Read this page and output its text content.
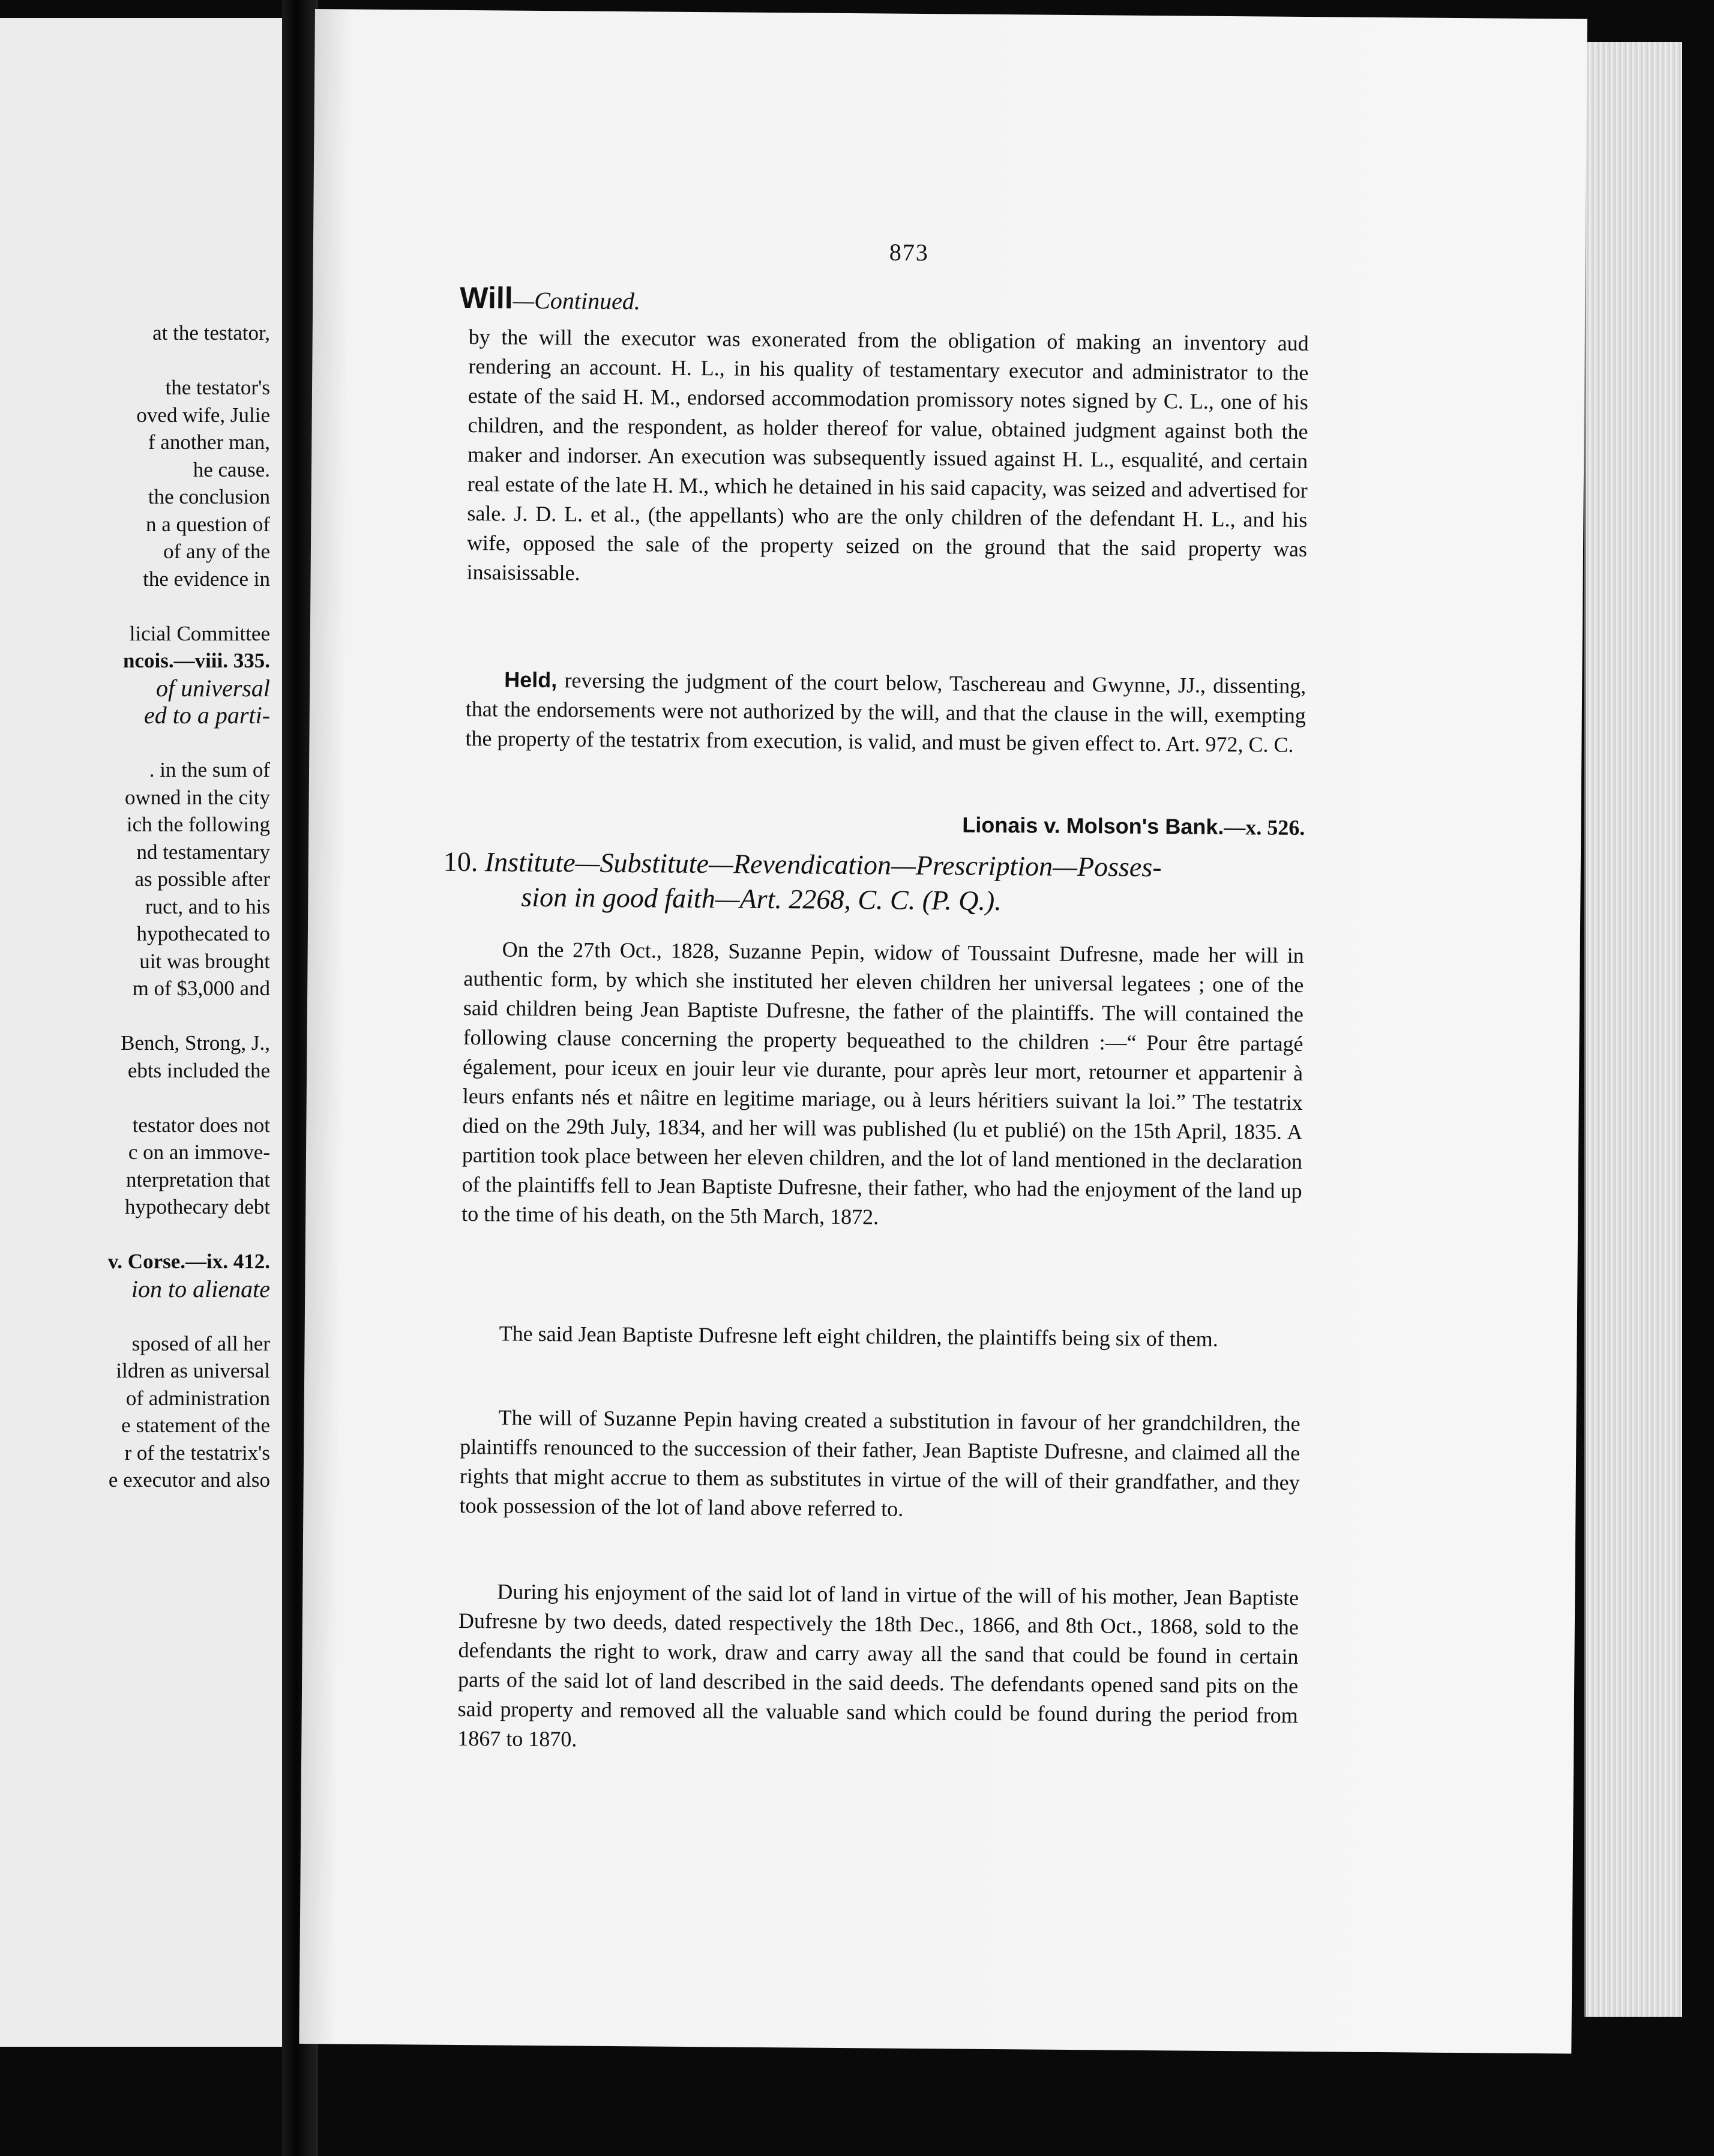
at the testator,
the testator's
oved wife, Julie
f another man,
he cause.
the conclusion
n a question of
of any of the
the evidence in
licial Committee
ncois.—viii. 335.
of universal
ed to a parti-
. in the sum of
owned in the city
ich the following
nd testamentary
as possible after
ruct, and to his
hypothecated to
uit was brought
m of $3,000 and
Bench, Strong, J.,
ebts included the
testator does not
c on an immove-
nterpretation that
hypothecary debt
v. Corse.—ix. 412.
ion to alienate
sposed of all her
ildren as universal
of administration
e statement of the
r of the testatrix's
e executor and also
873
Will—Continued.
by the will the executor was exonerated from the obligation of making an inventory aud rendering an account. H. L., in his quality of testamentary executor and administrator to the estate of the said H. M., endorsed accommodation promissory notes signed by C. L., one of his children, and the respondent, as holder thereof for value, obtained judgment against both the maker and indorser. An execution was subsequently issued against H. L., esqualité, and certain real estate of the late H. M., which he detained in his said capacity, was seized and advertised for sale. J. D. L. et al., (the appellants) who are the only children of the defendant H. L., and his wife, opposed the sale of the property seized on the ground that the said property was insaisissable.
Held, reversing the judgment of the court below, Taschereau and Gwynne, JJ., dissenting, that the endorsements were not authorized by the will, and that the clause in the will, exempting the property of the testatrix from execution, is valid, and must be given effect to. Art. 972, C. C.
Lionais v. Molson's Bank.—x. 526.
10. Institute—Substitute—Revendication—Prescription—Posses-
sion in good faith—Art. 2268, C. C. (P. Q.).
On the 27th Oct., 1828, Suzanne Pepin, widow of Toussaint Dufresne, made her will in authentic form, by which she instituted her eleven children her universal legatees ; one of the said children being Jean Baptiste Dufresne, the father of the plaintiffs. The will contained the following clause concerning the property bequeathed to the children :—“ Pour être partagé également, pour iceux en jouir leur vie durante, pour après leur mort, retourner et appartenir à leurs enfants nés et nâitre en legitime mariage, ou à leurs héritiers suivant la loi.” The testatrix died on the 29th July, 1834, and her will was published (lu et publié) on the 15th April, 1835. A partition took place between her eleven children, and the lot of land mentioned in the declaration of the plaintiffs fell to Jean Baptiste Dufresne, their father, who had the enjoyment of the land up to the time of his death, on the 5th March, 1872.
The said Jean Baptiste Dufresne left eight children, the plaintiffs being six of them.
The will of Suzanne Pepin having created a substitution in favour of her grandchildren, the plaintiffs renounced to the succession of their father, Jean Baptiste Dufresne, and claimed all the rights that might accrue to them as substitutes in virtue of the will of their grandfather, and they took possession of the lot of land above referred to.
During his enjoyment of the said lot of land in virtue of the will of his mother, Jean Baptiste Dufresne by two deeds, dated respectively the 18th Dec., 1866, and 8th Oct., 1868, sold to the defendants the right to work, draw and carry away all the sand that could be found in certain parts of the said lot of land described in the said deeds. The defendants opened sand pits on the said property and removed all the valuable sand which could be found during the period from 1867 to 1870.
